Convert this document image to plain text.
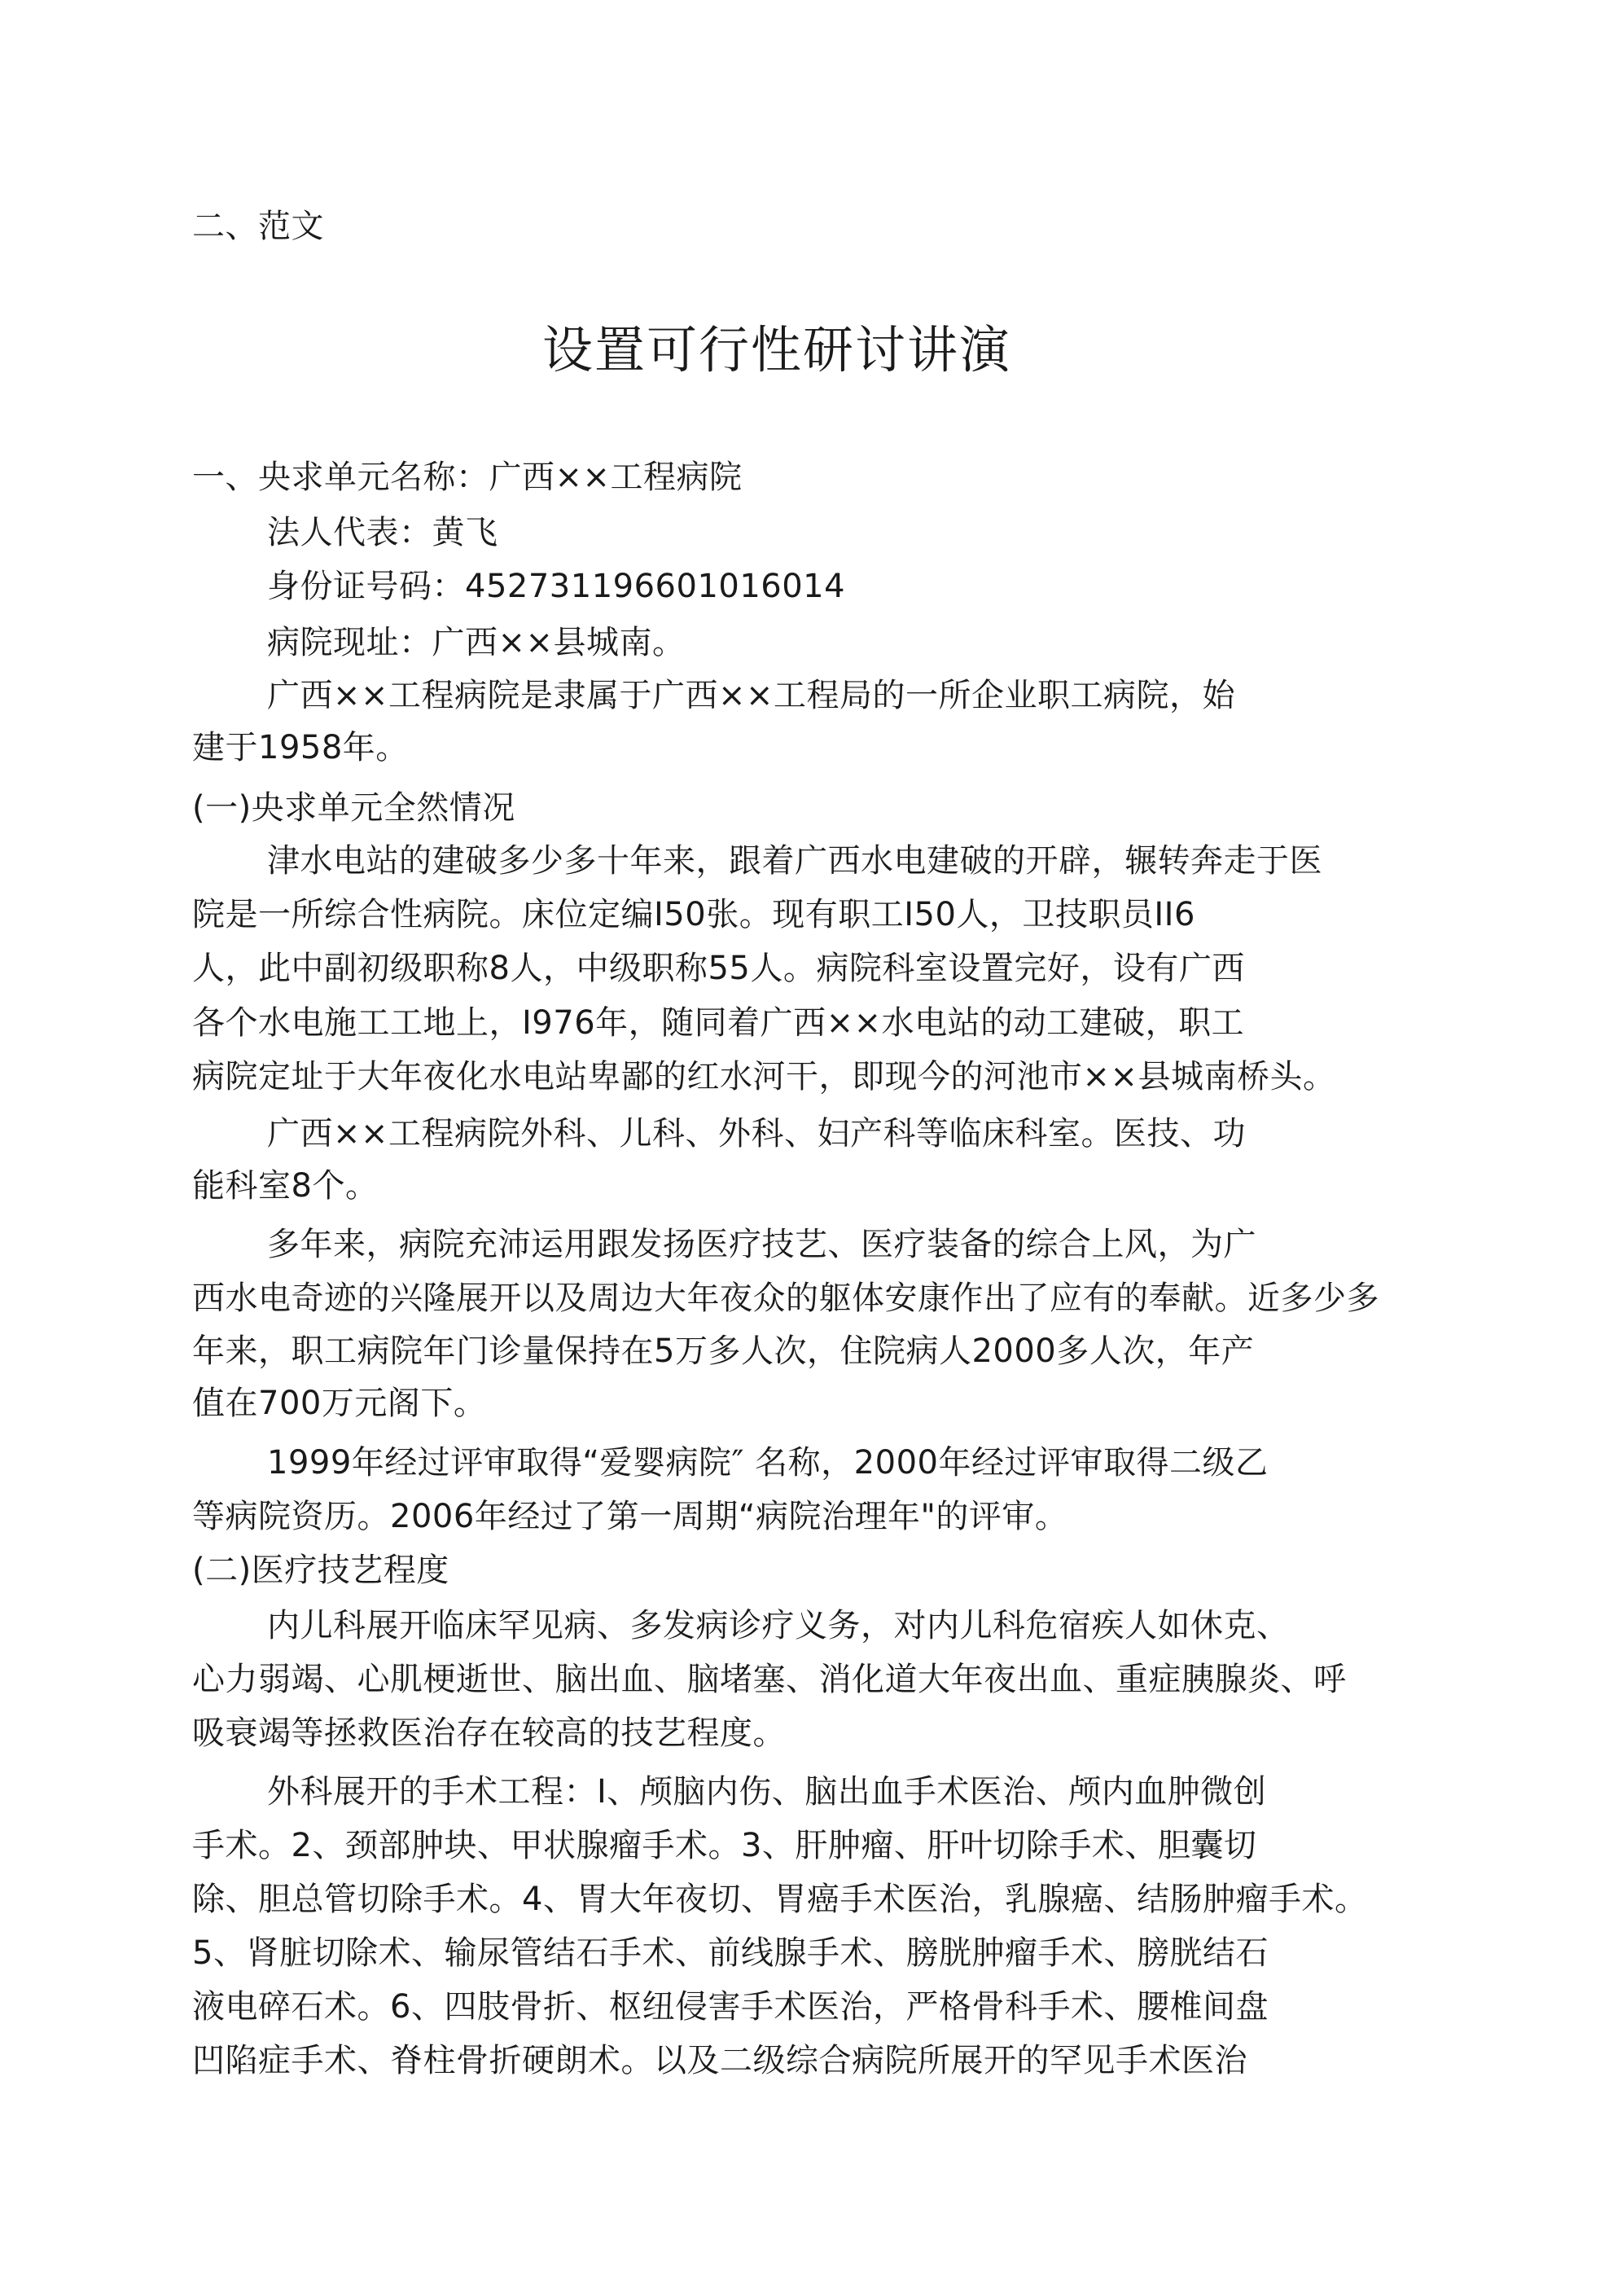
二、范文
设置可行性研讨讲演
一、央求单元名称：广西××工程病院
法人代表：黄飞
身份证号码：452731196601016014
病院现址：广西××县城南。
广西××工程病院是隶属于广西××工程局的一所企业职工病院，始
建于1958年。
(一)央求单元全然情况
津水电站的建破多少多十年来，跟着广西水电建破的开辟，辗转奔走于医
院是一所综合性病院。床位定编I50张。现有职工I50人，卫技职员II6
人，此中副初级职称8人，中级职称55人。病院科室设置完好，设有广西
各个水电施工工地上，I976年，随同着广西××水电站的动工建破，职工
病院定址于大年夜化水电站卑鄙的红水河干，即现今的河池市××县城南桥头。
广西××工程病院外科、儿科、外科、妇产科等临床科室。医技、功
能科室8个。
多年来，病院充沛运用跟发扬医疗技艺、医疗装备的综合上风，为广
西水电奇迹的兴隆展开以及周边大年夜众的躯体安康作出了应有的奉献。近多少多
年来，职工病院年门诊量保持在5万多人次，住院病人2000多人次，年产
值在700万元阁下。
1999年经过评审取得“爱婴病院″ 名称，2000年经过评审取得二级乙
等病院资历。2006年经过了第一周期“病院治理年"的评审。
(二)医疗技艺程度
内儿科展开临床罕见病、多发病诊疗义务，对内儿科危宿疾人如休克、
心力弱竭、心肌梗逝世、脑出血、脑堵塞、消化道大年夜出血、重症胰腺炎、呼
吸衰竭等拯救医治存在较高的技艺程度。
外科展开的手术工程：I、颅脑内伤、脑出血手术医治、颅内血肿微创
手术。2、颈部肿块、甲状腺瘤手术。3、肝肿瘤、肝叶切除手术、胆囊切
除、胆总管切除手术。4、胃大年夜切、胃癌手术医治，乳腺癌、结肠肿瘤手术。
5、肾脏切除术、输尿管结石手术、前线腺手术、膀胱肿瘤手术、膀胱结石
液电碎石术。6、四肢骨折、枢纽侵害手术医治，严格骨科手术、腰椎间盘
凹陷症手术、脊柱骨折硬朗术。以及二级综合病院所展开的罕见手术医治
